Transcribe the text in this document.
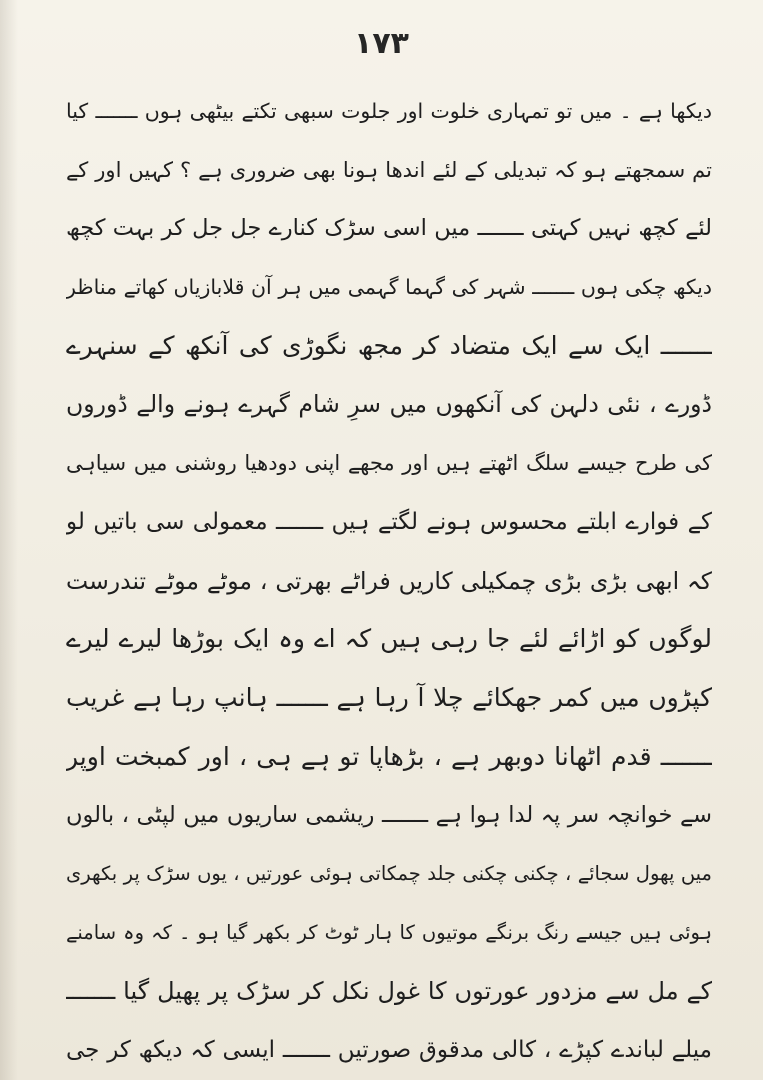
١٧٣
دیکھا ہے ۔ میں تو تمہاری خلوت اور جلوت سبھی تکتے بیٹھی ہوں ـــــــ کیا
تم سمجھتے ہو کہ تبدیلی کے لئے اندھا ہونا بھی ضروری ہے ؟ کہیں اور کے
لئے کچھ نہیں کہتی ـــــــ میں اسی سڑک کنارے جل جل کر بہت کچھ
دیکھ چکی ہوں ـــــــ شہر کی گہما گہمی میں ہر آن قلابازیاں کھاتے مناظر
ـــــــ ایک سے ایک متضاد کر مجھ نگوڑی کی آنکھ کے سنہرے
ڈورے ، نئی دلہن کی آنکھوں میں سرِ شام گہرے ہونے والے ڈوروں
کی طرح جیسے سلگ اٹھتے ہیں اور مجھے اپنی دودھیا روشنی میں سیاہی
کے فوارے ابلتے محسوس ہونے لگتے ہیں ـــــــ معمولی سی باتیں لو
کہ ابھی بڑی بڑی چمکیلی کاریں فراٹے بھرتی ، موٹے موٹے تندرست
لوگوں کو اڑائے لئے جا رہی ہیں کہ اے وہ ایک بوڑھا لیرے لیرے
کپڑوں میں کمر جھکائے چلا آ رہا ہے ـــــــ ہانپ رہا ہے غریب
ـــــــ قدم اٹھانا دوبھر ہے ، بڑھاپا تو ہے ہی ، اور کمبخت اوپر
سے خوانچہ سر پہ لدا ہوا ہے ـــــــ ریشمی ساریوں میں لپٹی ، بالوں
میں پھول سجائے ، چکنی چکنی جلد چمکاتی ہوئی عورتیں ، یوں سڑک پر بکھری
ہوئی ہیں جیسے رنگ برنگے موتیوں کا ہار ٹوٹ کر بکھر گیا ہو ۔ کہ وہ سامنے
کے مل سے مزدور عورتوں کا غول نکل کر سڑک پر پھیل گیا ـــــــ
میلے لباندے کپڑے ، کالی مدقوق صورتیں ـــــــ ایسی کہ دیکھ کر جی
